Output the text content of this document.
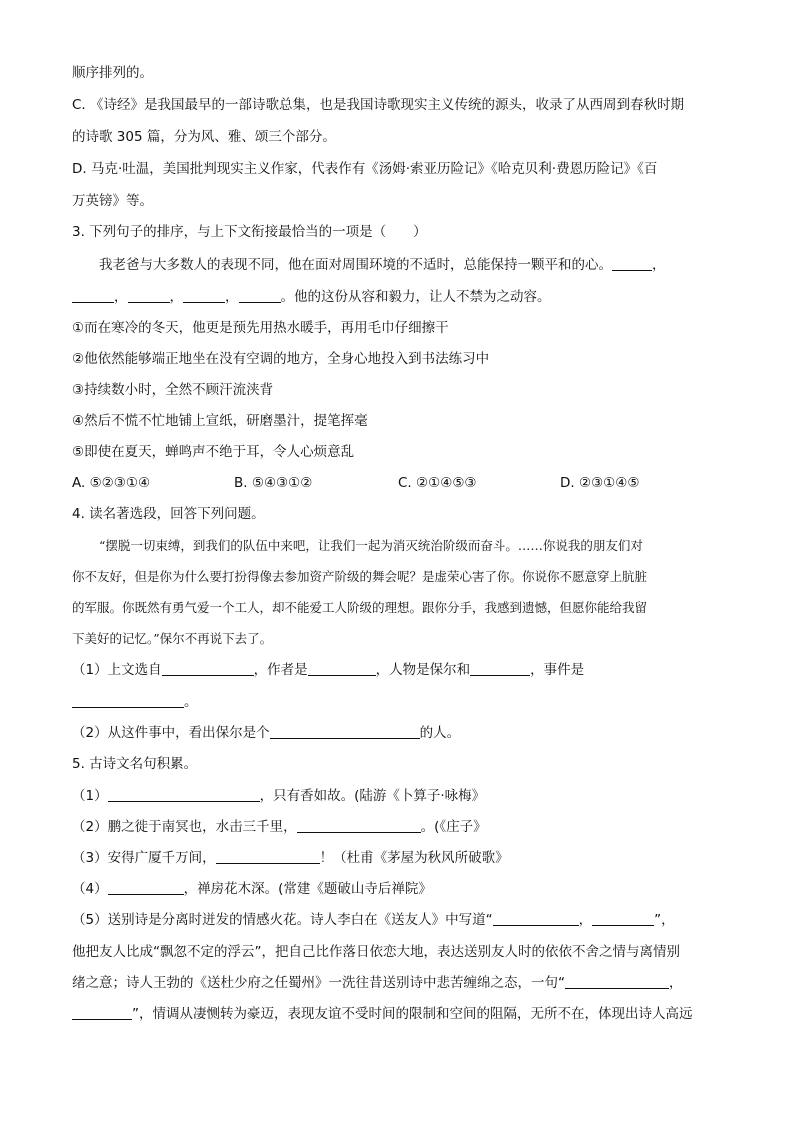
顺序排列的。
C. 《诗经》是我国最早的一部诗歌总集，也是我国诗歌现实主义传统的源头，收录了从西周到春秋时期
的诗歌 305 篇，分为风、雅、颂三个部分。
D. 马克·吐温，美国批判现实主义作家，代表作有《汤姆·索亚历险记》《哈克贝利·费恩历险记》《百
万英镑》等。
3. 下列句子的排序，与上下文衔接最恰当的一项是（　　）
我老爸与大多数人的表现不同，他在面对周围环境的不适时，总能保持一颗平和的心。	，
，	，	，	。他的这份从容和毅力，让人不禁为之动容。
①而在寒冷的冬天，他更是预先用热水暖手，再用毛巾仔细擦干
②他依然能够端正地坐在没有空调的地方，全身心地投入到书法练习中
③持续数小时，全然不顾汗流浃背
④然后不慌不忙地铺上宣纸，研磨墨汁，提笔挥毫
⑤即使在夏天，蝉鸣声不绝于耳，令人心烦意乱
A. ⑤②③①④	B. ⑤④③①②	C. ②①④⑤③	D. ②③①④⑤
4. 读名著选段，回答下列问题。
“摆脱一切束缚，到我们的队伍中来吧，让我们一起为消灭统治阶级而奋斗。……你说我的朋友们对
你不友好，但是你为什么要打扮得像去参加资产阶级的舞会呢？是虚荣心害了你。你说你不愿意穿上肮脏
的军服。你既然有勇气爱一个工人，却不能爱工人阶级的理想。跟你分手，我感到遗憾，但愿你能给我留
下美好的记忆。”保尔不再说下去了。
（1）上文选自	，作者是	，人物是保尔和	，事件是
。
（2）从这件事中，看出保尔是个	的人。
5. 古诗文名句积累。
（1）	，只有香如故。(陆游《卜算子·咏梅》
（2）鹏之徙于南冥也，水击三千里，	。(《庄子》
（3）安得广厦千万间，	！（杜甫《茅屋为秋风所破歌》
（4）	，禅房花木深。(常建《题破山寺后禅院》
（5）送别诗是分离时迸发的情感火花。诗人李白在《送友人》中写道“	，	”，
他把友人比成“飘忽不定的浮云”，把自己比作落日依恋大地，表达送别友人时的依依不舍之情与离情别
绪之意；诗人王勃的《送杜少府之任蜀州》一洗往昔送别诗中悲苦缠绵之态，一句“	，
”，情调从凄恻转为豪迈，表现友谊不受时间的限制和空间的阻隔，无所不在，体现出诗人高远
